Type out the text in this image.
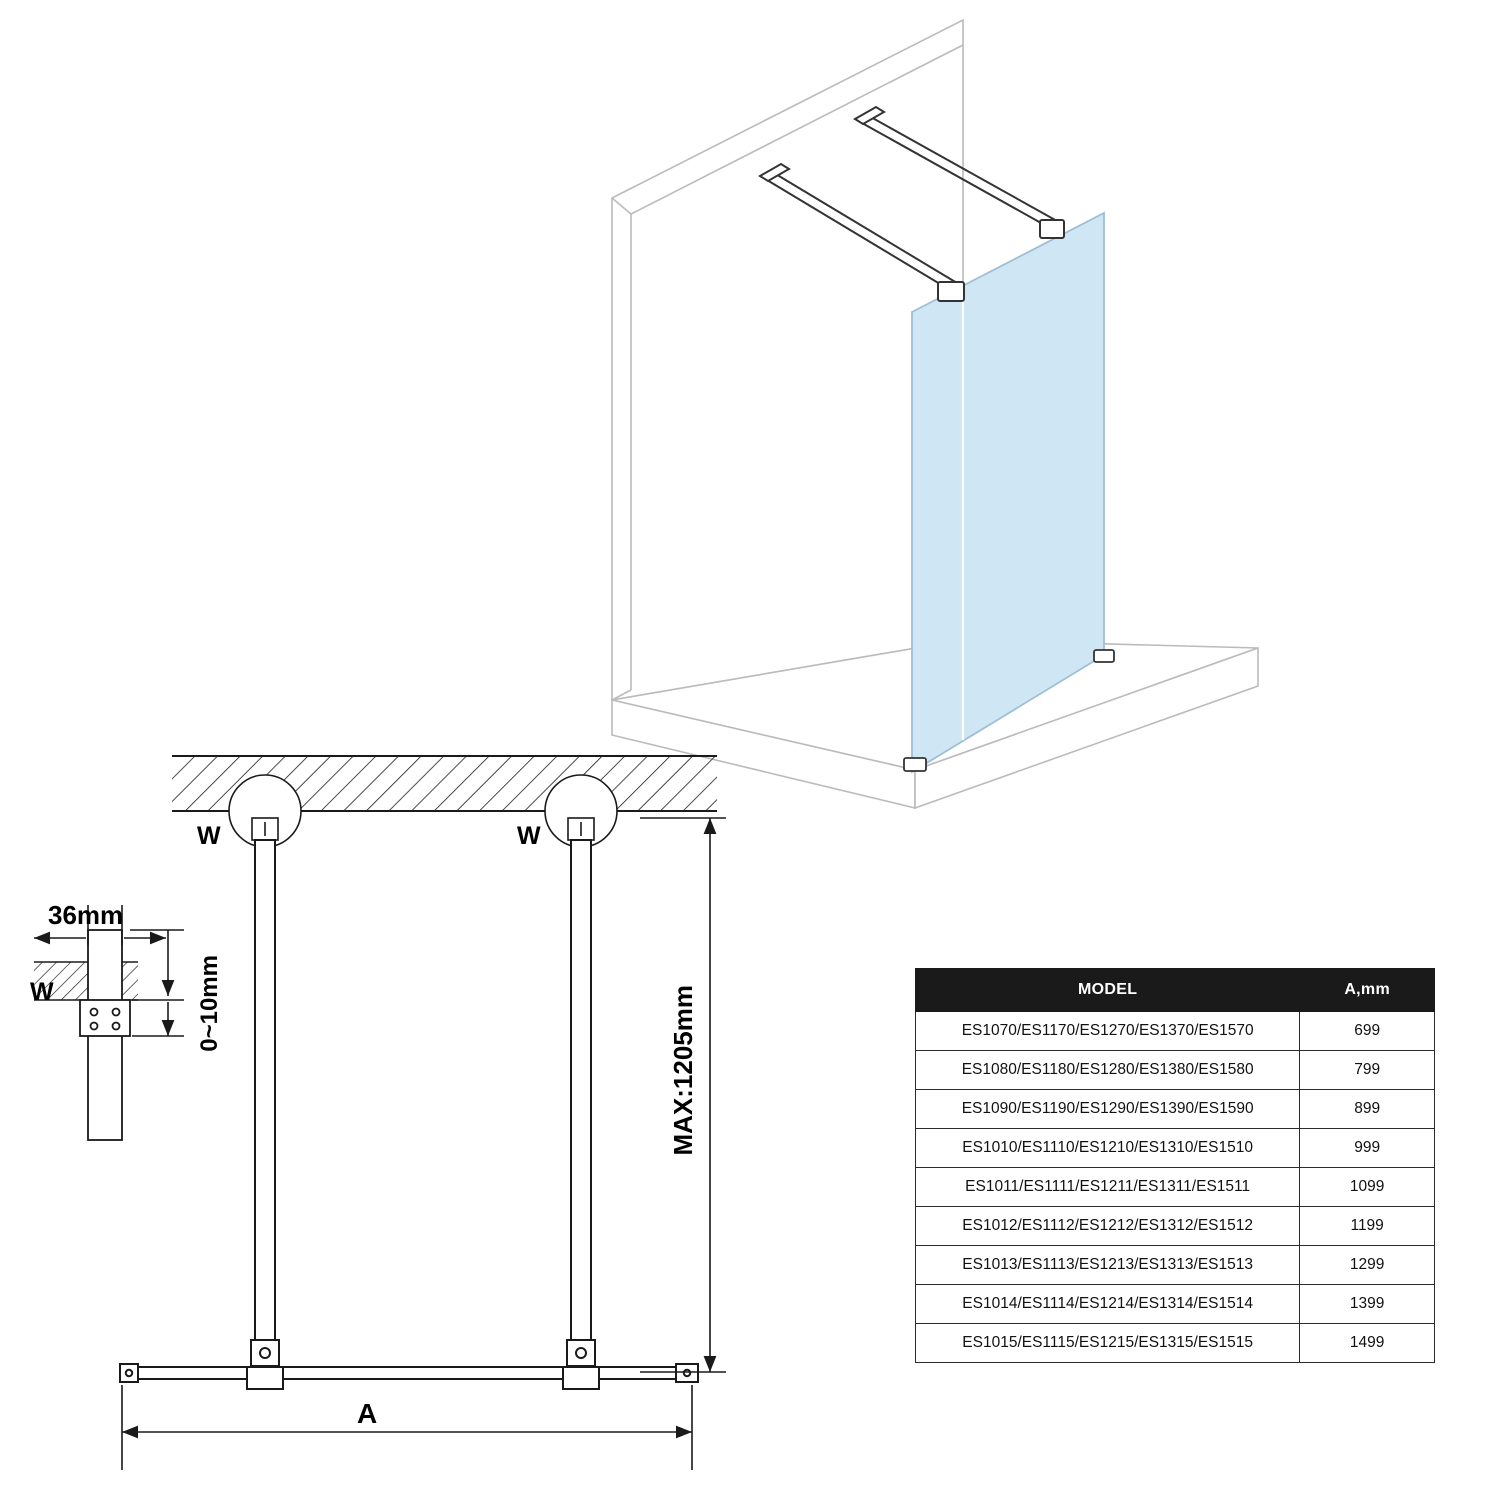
36mm
0~10mm	MAX:1205mm
A
W	W
W	MODEL	A,mm
ES1070/ES1170/ES1270/ES1370/ES1570	699
ES1080/ES1180/ES1280/ES1380/ES1580	799
ES1090/ES1190/ES1290/ES1390/ES1590	899
ES1010/ES1110/ES1210/ES1310/ES1510	999
ES1011/ES1111/ES1211/ES1311/ES1511	1099
ES1012/ES1112/ES1212/ES1312/ES1512	1199
ES1013/ES1113/ES1213/ES1313/ES1513	1299
ES1014/ES1114/ES1214/ES1314/ES1514	1399
ES1015/ES1115/ES1215/ES1315/ES1515	1499
